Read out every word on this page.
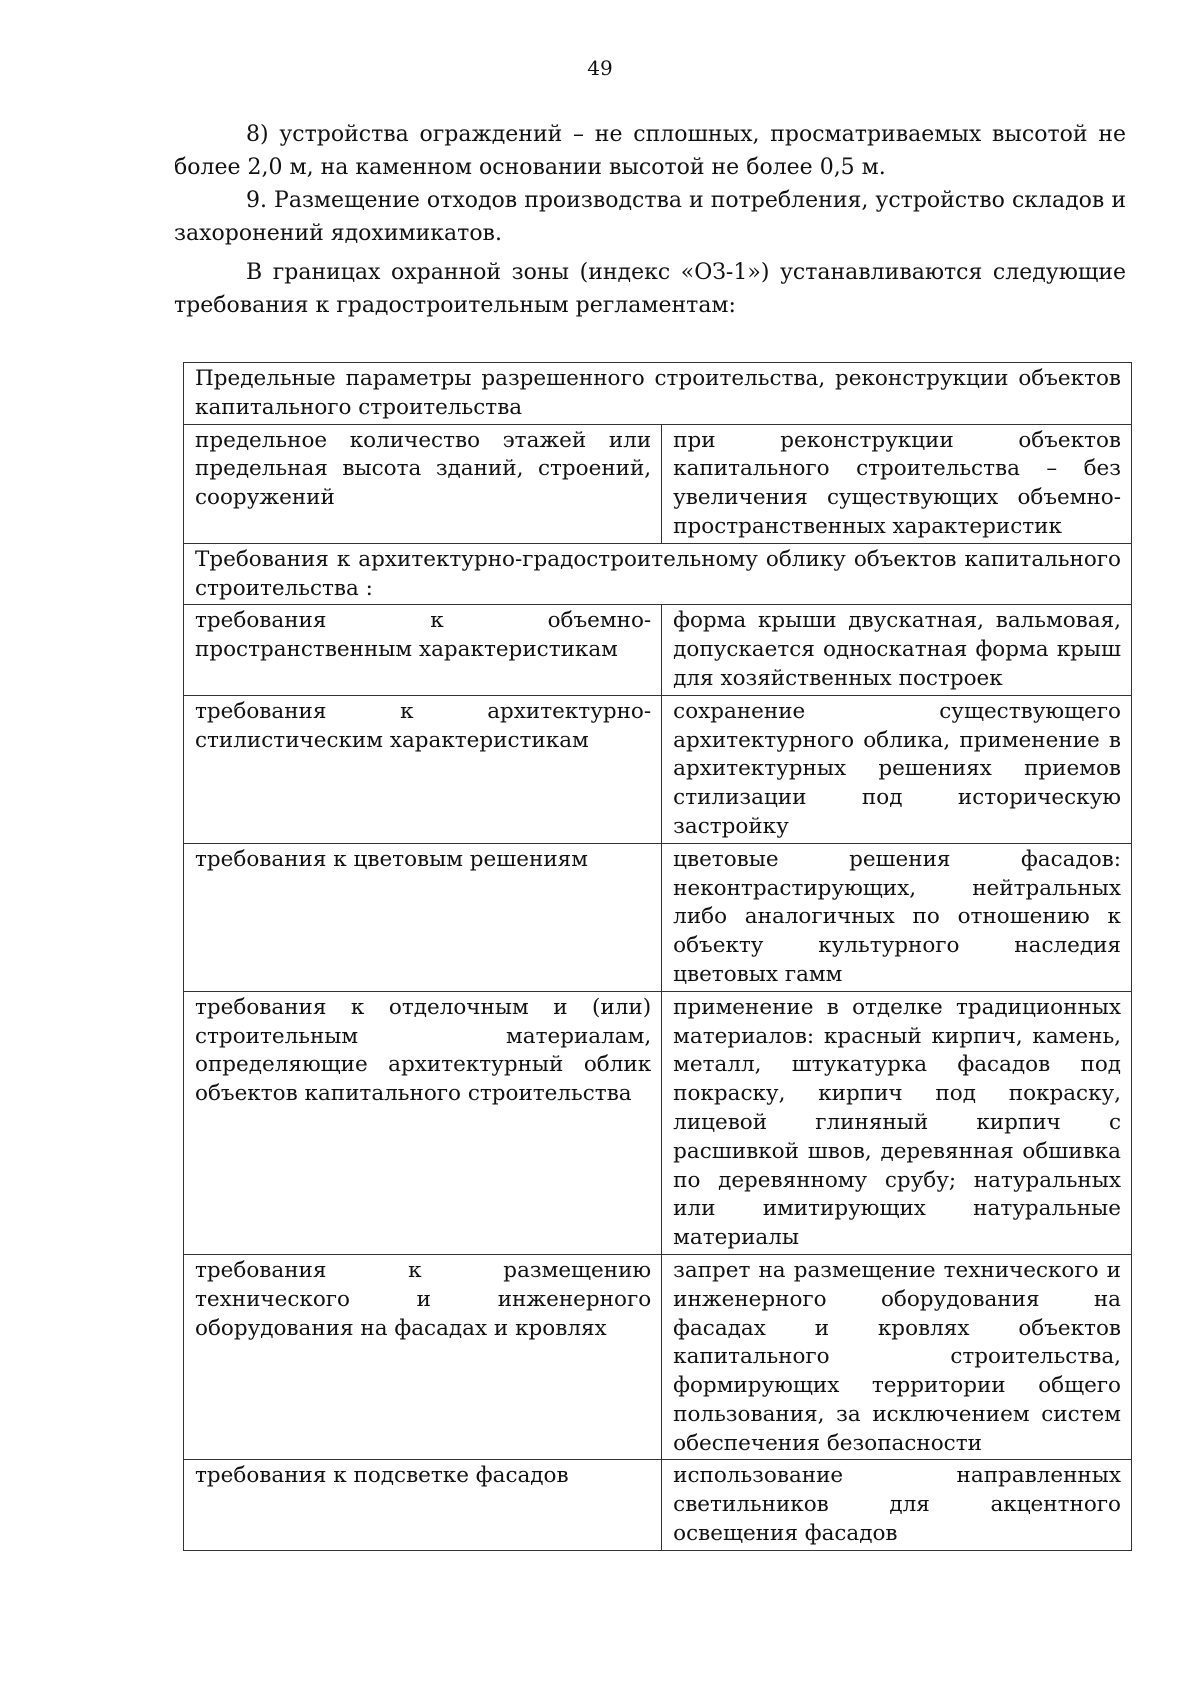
49

8) устройства ограждений – не сплошных, просматриваемых высотой не более 2,0 м, на каменном основании высотой не более 0,5 м.

9. Размещение отходов производства и потребления, устройство складов и захоронений ядохимикатов.

В границах охранной зоны (индекс «ОЗ-1») устанавливаются следующие требования к градостроительным регламентам:

Предельные параметры разрешенного строительства, реконструкции объектов капитального строительства	
предельное количество этажей или предельная высота зданий, строений, сооружений	при реконструкции объектов капитального строительства – без увеличения существующих объемно-пространственных характеристик
Требования к архитектурно-градостроительному облику объектов капитального строительства :	
требования к объемно-пространственным характеристикам	форма крыши двускатная, вальмовая, допускается односкатная форма крыш для хозяйственных построек
требования к архитектурно-стилистическим характеристикам	сохранение существующего архитектурного облика, применение в архитектурных решениях приемов стилизации под историческую застройку
требования к цветовым решениям	цветовые решения фасадов: неконтрастирующих, нейтральных либо аналогичных по отношению к объекту культурного наследия цветовых гамм
требования к отделочным и (или) строительным материалам, определяющие архитектурный облик объектов капитального строительства	применение в отделке традиционных материалов: красный кирпич, камень, металл, штукатурка фасадов под покраску, кирпич под покраску, лицевой глиняный кирпич с расшивкой швов, деревянная обшивка по деревянному срубу; натуральных или имитирующих натуральные материалы
требования к размещению технического и инженерного оборудования на фасадах и кровлях	запрет на размещение технического и инженерного оборудования на фасадах и кровлях объектов капитального строительства, формирующих территории общего пользования, за исключением систем обеспечения безопасности
требования к подсветке фасадов	использование направленных светильников для акцентного освещения фасадов
